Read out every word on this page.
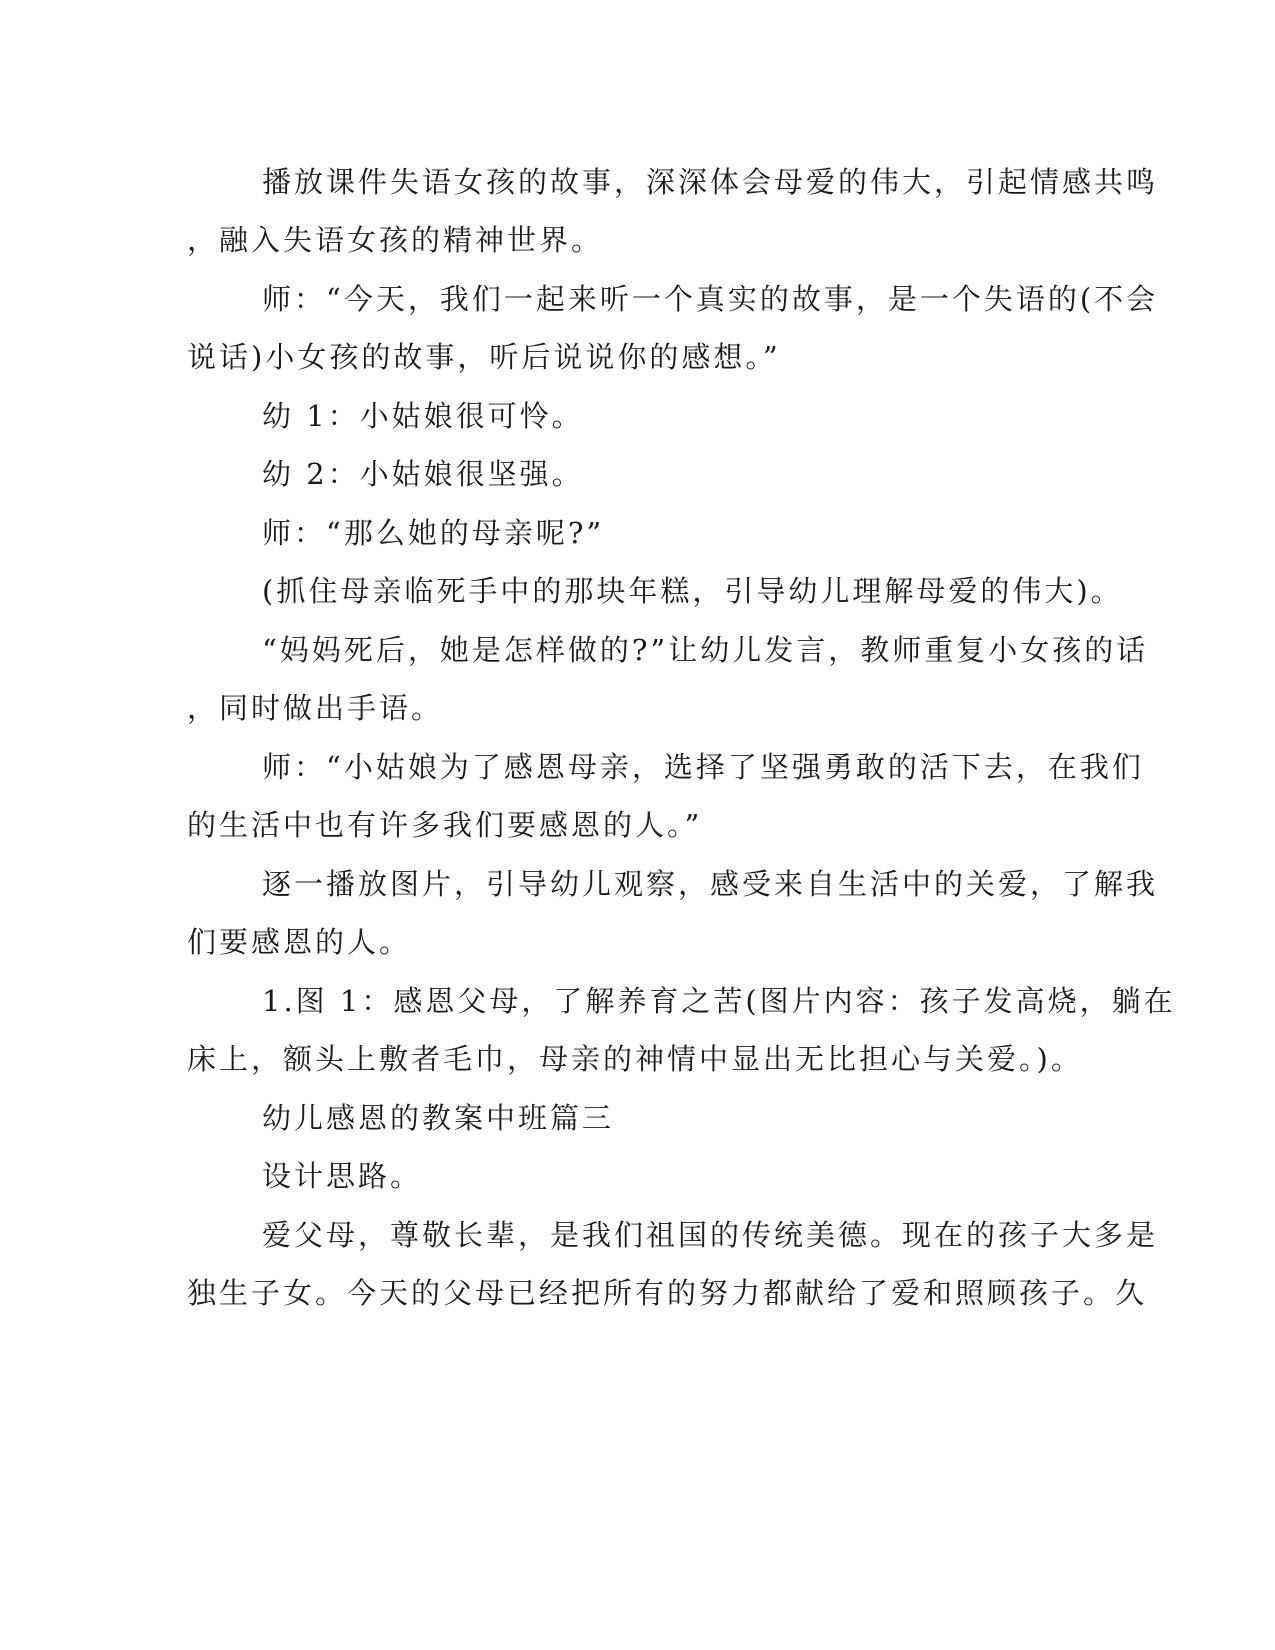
播放课件失语女孩的故事，深深体会母爱的伟大，引起情感共鸣
，融入失语女孩的精神世界。
师：“今天，我们一起来听一个真实的故事，是一个失语的(不会
说话)小女孩的故事，听后说说你的感想。”
幼 1：小姑娘很可怜。
幼 2：小姑娘很坚强。
师：“那么她的母亲呢?”
(抓住母亲临死手中的那块年糕，引导幼儿理解母爱的伟大)。
“妈妈死后，她是怎样做的?”让幼儿发言，教师重复小女孩的话
，同时做出手语。
师：“小姑娘为了感恩母亲，选择了坚强勇敢的活下去，在我们
的生活中也有许多我们要感恩的人。”
逐一播放图片，引导幼儿观察，感受来自生活中的关爱，了解我
们要感恩的人。
1.图 1：感恩父母，了解养育之苦(图片内容：孩子发高烧，躺在
床上，额头上敷者毛巾，母亲的神情中显出无比担心与关爱。)。
幼儿感恩的教案中班篇三
设计思路。
爱父母，尊敬长辈，是我们祖国的传统美德。现在的孩子大多是
独生子女。今天的父母已经把所有的努力都献给了爱和照顾孩子。久
